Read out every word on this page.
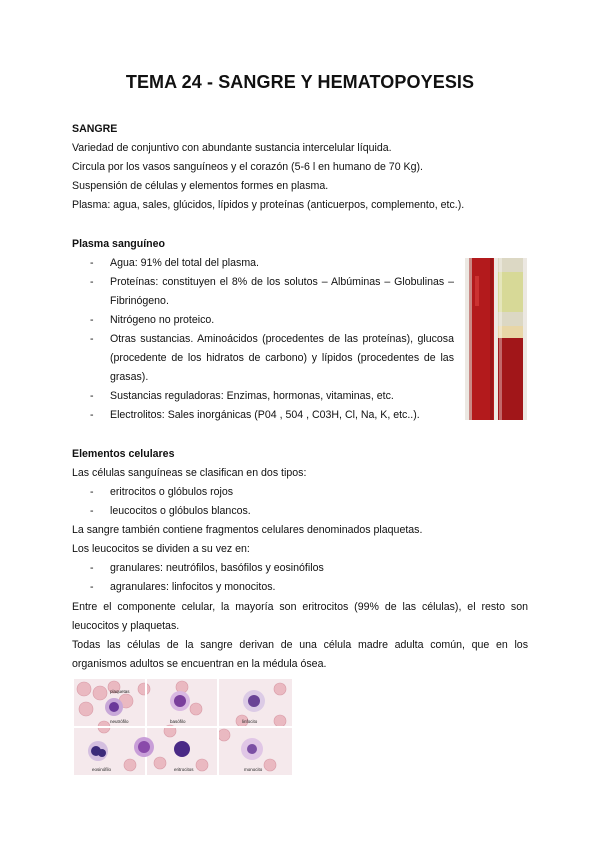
TEMA 24 - SANGRE Y HEMATOPOYESIS

SANGRE

Variedad de conjuntivo con abundante sustancia intercelular líquida.

Circula por los vasos sanguíneos y el corazón (5-6 l en humano de 70 Kg).

Suspensión de células y elementos formes en plasma.

Plasma: agua, sales, glúcidos, lípidos y proteínas (anticuerpos, complemento, etc.).

Plasma sanguíneo

- Agua: 91% del total del plasma.
- Proteínas: constituyen el 8% de los solutos – Albúminas – Globulinas – Fibrinógeno.
- Nitrógeno no proteico.
- Otras sustancias. Aminoácidos (procedentes de las proteínas), glucosa (procedente de los hidratos de carbono) y lípidos (procedentes de las grasas).
- Sustancias reguladoras: Enzimas, hormonas, vitaminas, etc.
- Electrolitos: Sales inorgánicas (P04 , 504 , C03H, Cl, Na, K, etc..).

Elementos celulares

Las células sanguíneas se clasifican en dos tipos:

- eritrocitos o glóbulos rojos
- leucocitos o glóbulos blancos.

La sangre también contiene fragmentos celulares denominados plaquetas.

Los leucocitos se dividen a su vez en:

- granulares: neutrófilos, basófilos y eosinófilos
- agranulares: linfocitos y monocitos.

Entre el componente celular, la mayoría son eritrocitos (99% de las células), el resto son leucocitos y plaquetas.

Todas las células de la sangre derivan de una célula madre adulta común, que en los organismos adultos se encuentran en la médula ósea.

basófilo	linfocito
eosinófilo	monocito
neutrófilo
eritrocitos
plaquetas
